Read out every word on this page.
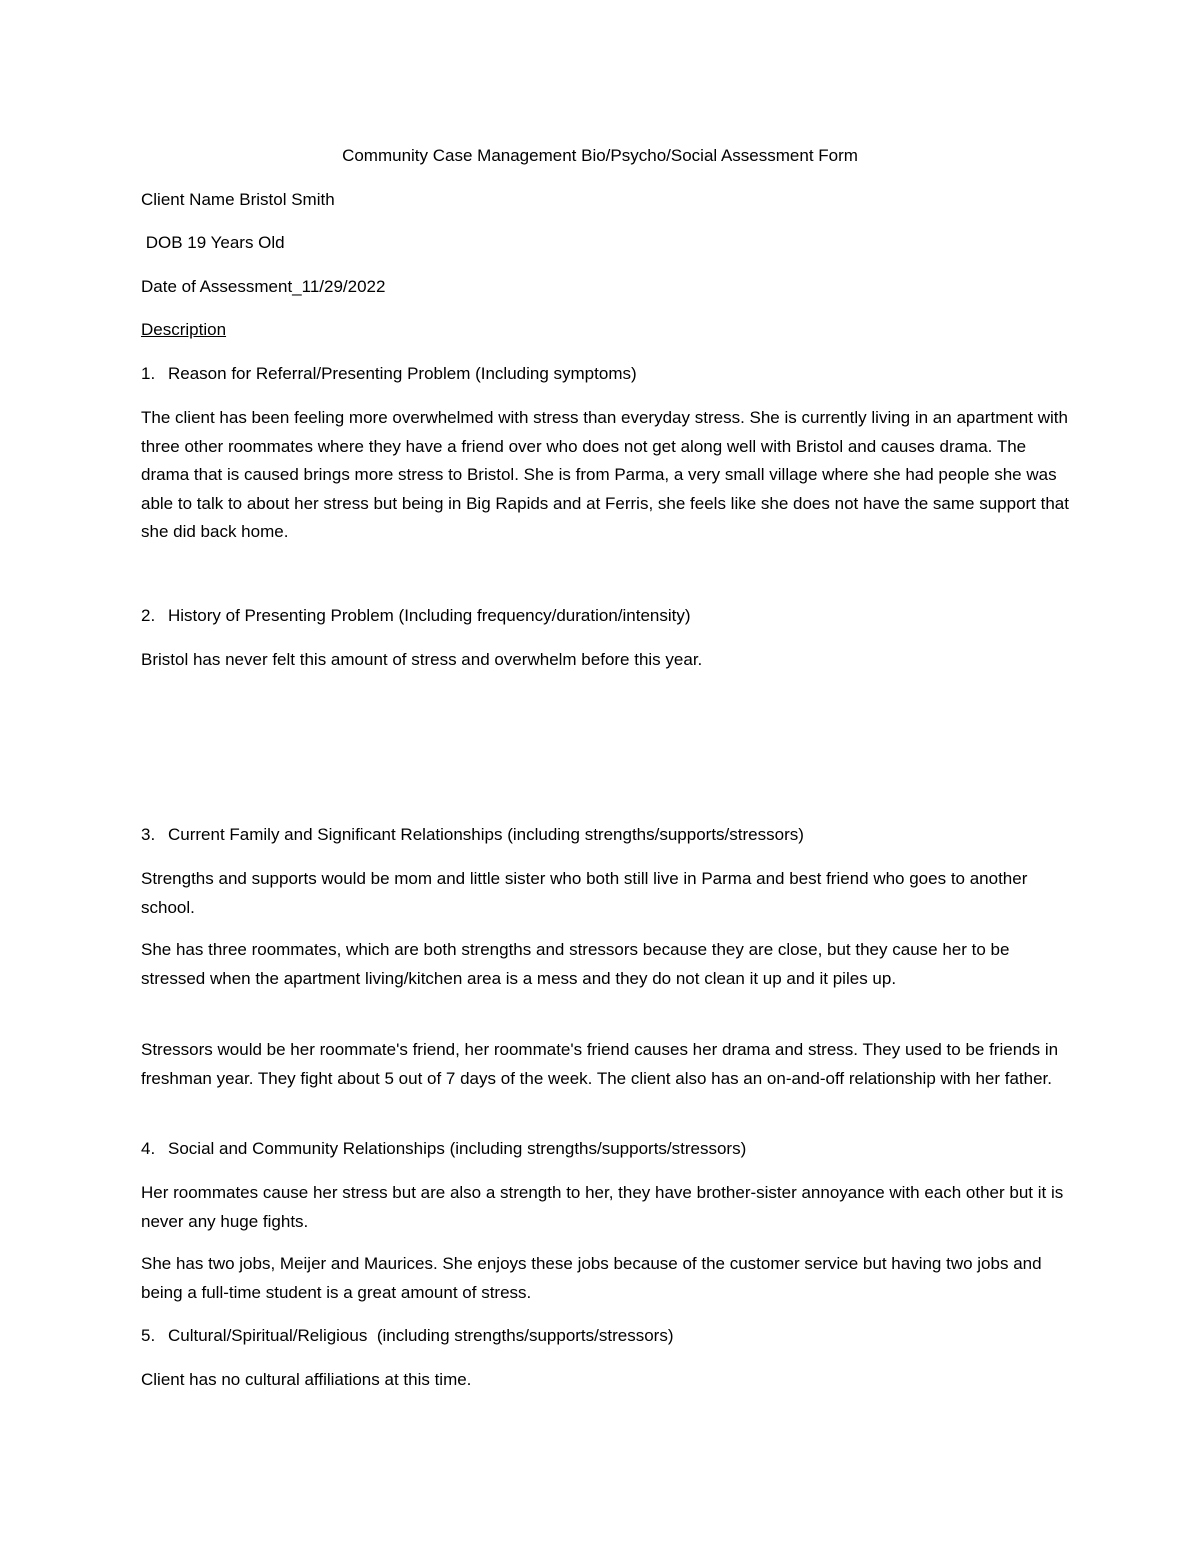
Community Case Management Bio/Psycho/Social Assessment Form
Client Name Bristol Smith
DOB 19 Years Old
Date of Assessment_11/29/2022
Description
1. Reason for Referral/Presenting Problem (Including symptoms)
The client has been feeling more overwhelmed with stress than everyday stress. She is currently living in an apartment with three other roommates where they have a friend over who does not get along well with Bristol and causes drama. The drama that is caused brings more stress to Bristol. She is from Parma, a very small village where she had people she was able to talk to about her stress but being in Big Rapids and at Ferris, she feels like she does not have the same support that she did back home.
2. History of Presenting Problem (Including frequency/duration/intensity)
Bristol has never felt this amount of stress and overwhelm before this year.
3. Current Family and Significant Relationships (including strengths/supports/stressors)
Strengths and supports would be mom and little sister who both still live in Parma and best friend who goes to another school.
She has three roommates, which are both strengths and stressors because they are close, but they cause her to be stressed when the apartment living/kitchen area is a mess and they do not clean it up and it piles up.
Stressors would be her roommate's friend, her roommate's friend causes her drama and stress. They used to be friends in freshman year. They fight about 5 out of 7 days of the week. The client also has an on-and-off relationship with her father.
4. Social and Community Relationships (including strengths/supports/stressors)
Her roommates cause her stress but are also a strength to her, they have brother-sister annoyance with each other but it is never any huge fights.
She has two jobs, Meijer and Maurices. She enjoys these jobs because of the customer service but having two jobs and being a full-time student is a great amount of stress.
5. Cultural/Spiritual/Religious  (including strengths/supports/stressors)
Client has no cultural affiliations at this time.
